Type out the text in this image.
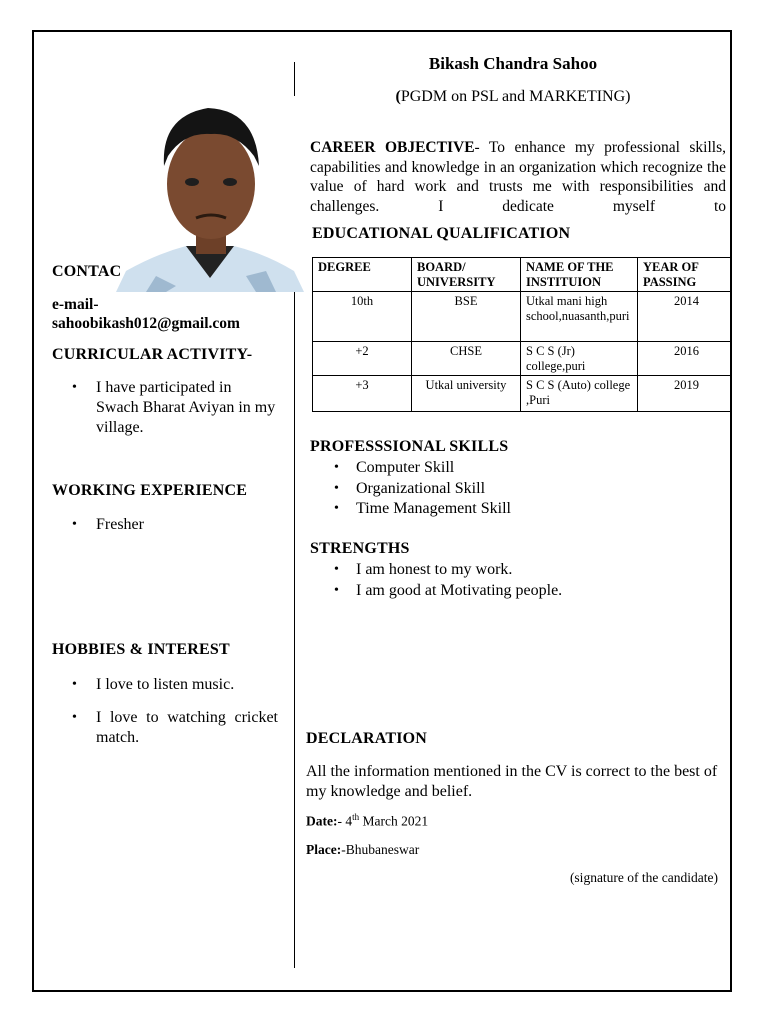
Bikash Chandra Sahoo
(PGDM on PSL and MARKETING)
CAREER OBJECTIVE- To enhance my professional skills, capabilities and knowledge in an organization which recognize the value of hard work and trusts me with responsibilities and challenges. I dedicate myself to
EDUCATIONAL QUALIFICATION
DEGREE	BOARD/ UNIVERSITY	NAME OF THE INSTITUION	YEAR OF PASSING
10th	BSE	Utkal mani high school,nuasanth,puri	2014
+2	CHSE	S C S (Jr) college,puri	2016
+3	Utkal university	S C S (Auto) college ,Puri	2019
CONTAC
e-mail-
sahoobikash012@gmail.com
CURRICULAR ACTIVITY-
• I have participated in Swach Bharat Aviyan in my village.
WORKING EXPERIENCE
• Fresher
HOBBIES & INTEREST
• I love to listen music.
• I love to watching cricket match.
PROFESSSIONAL SKILLS
• Computer Skill
• Organizational Skill
• Time Management Skill
STRENGTHS
• I am honest to my work.
• I am good at Motivating people.
DECLARATION
All the information mentioned in the CV is correct to the best of my knowledge and belief.
Date:- 4th March 2021
Place:-Bhubaneswar
(signature of the candidate)
